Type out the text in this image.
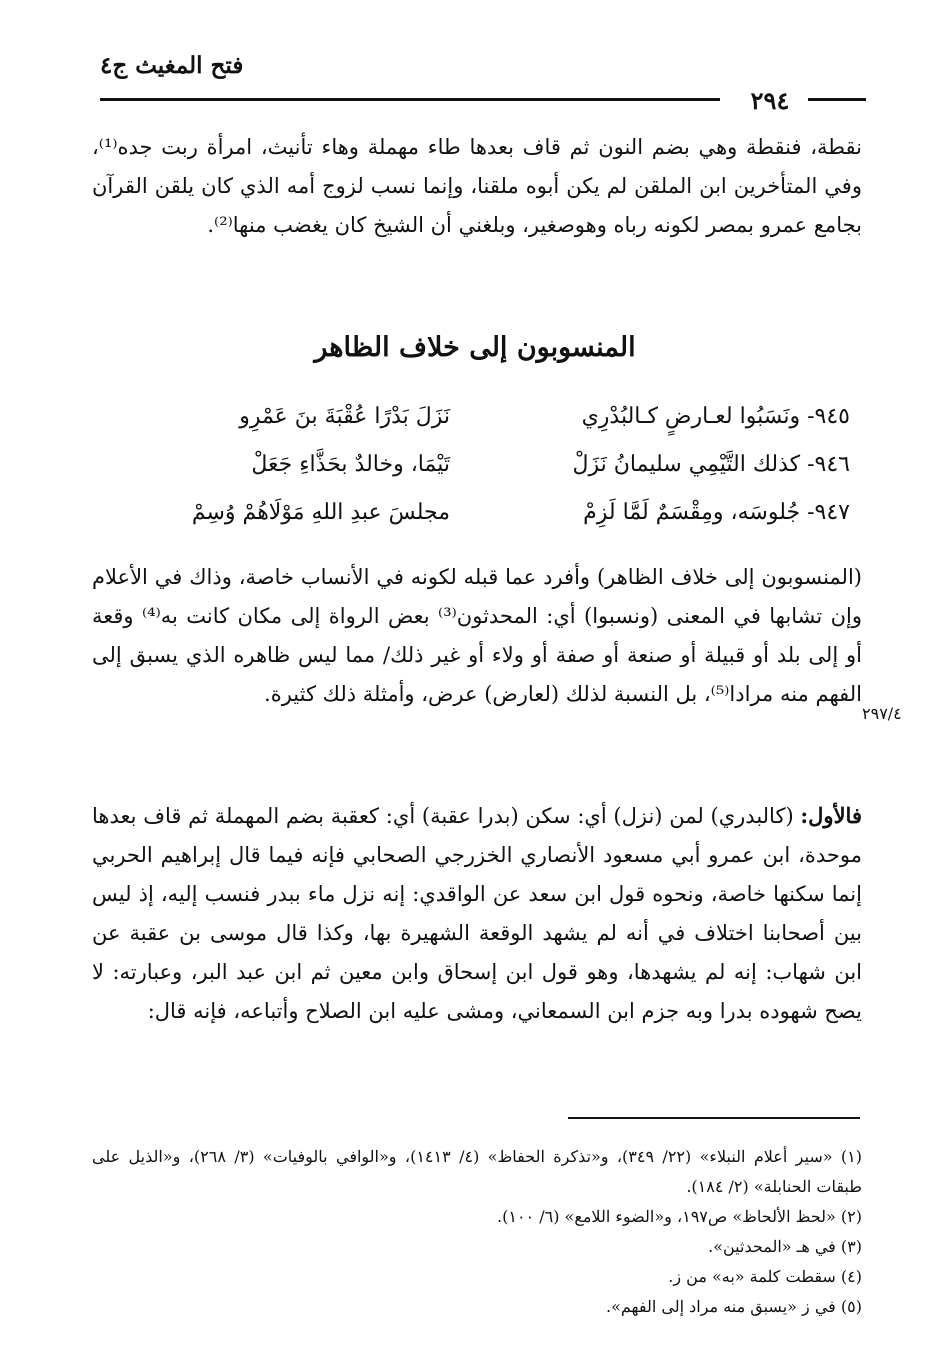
فتح المغيث ج٤
٢٩٤

نقطة، فنقطة وهي بضم النون ثم قاف بعدها طاء مهملة وهاء تأنيث، امرأة ربت جده⁽¹⁾، وفي المتأخرين ابن الملقن لم يكن أبوه ملقنا، وإنما نسب لزوج أمه الذي كان يلقن القرآن بجامع عمرو بمصر لكونه رباه وهوصغير، وبلغني أن الشيخ كان يغضب منها⁽²⁾.

المنسوبون إلى خلاف الظاهر
٩٤٥- ونَسَبُوا لعـارضٍ كـالبُدْرِي
نَزَلَ بَدْرًا عُقْبَةَ بنَ عَمْرِو
٩٤٦- كذلك التَّيْمِي سليمانُ نَزَلْ
تَيْمَا، وخالدٌ بحَذَّاءِ جَعَلْ
٩٤٧- جُلوسَه، ومِقْسَمٌ لَمَّا لَزِمْ
مجلسَ عبدِ اللهِ مَوْلَاهُمْ وُسِمْ

(المنسوبون إلى خلاف الظاهر) وأفرد عما قبله لكونه في الأنساب خاصة، وذاك في الأعلام وإن تشابها في المعنى (ونسبوا) أي: المحدثون⁽³⁾ بعض الرواة إلى مكان كانت به⁽⁴⁾ وقعة أو إلى بلد أو قبيلة أو صنعة أو صفة أو ولاء أو غير ذلك/ مما ليس ظاهره الذي يسبق إلى الفهم منه مرادا⁽⁵⁾، بل النسبة لذلك (لعارض) عرض، وأمثلة ذلك كثيرة.

٢٩٧/٤

فالأول: (كالبدري) لمن (نزل) أي: سكن (بدرا عقبة) أي: كعقبة بضم المهملة ثم قاف بعدها موحدة، ابن عمرو أبي مسعود الأنصاري الخزرجي الصحابي فإنه فيما قال إبراهيم الحربي إنما سكنها خاصة، ونحوه قول ابن سعد عن الواقدي: إنه نزل ماء ببدر فنسب إليه، إذ ليس بين أصحابنا اختلاف في أنه لم يشهد الوقعة الشهيرة بها، وكذا قال موسى بن عقبة عن ابن شهاب: إنه لم يشهدها، وهو قول ابن إسحاق وابن معين ثم ابن عبد البر، وعبارته: لا يصح شهوده بدرا وبه جزم ابن السمعاني، ومشى عليه ابن الصلاح وأتباعه، فإنه قال:

(١) «سير أعلام النبلاء» (٢٢/ ٣٤٩)، و«تذكرة الحفاظ» (٤/ ١٤١٣)، و«الوافي بالوفيات» (٣/ ٢٦٨)، و«الذيل على طبقات الحنابلة» (٢/ ١٨٤).

(٢) «لحظ الألحاظ» ص١٩٧، و«الضوء اللامع» (٦/ ١٠٠).

(٣) في هـ «المحدثين».

(٤) سقطت كلمة «به» من ز.

(٥) في ز «يسبق منه مراد إلى الفهم».
